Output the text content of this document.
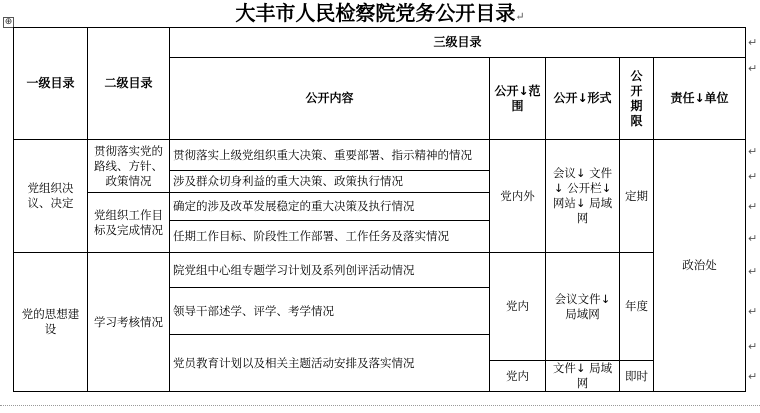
大丰市人民检察院党务公开目录↵
⊕
一级目录	二级目录	三级目录				
		公开内容	公开↓范围	公开↓形式	公开期限	责任↓单位
党组织决议、决定	贯彻落实党的路线、方针、政策情况	贯彻落实上级党组织重大决策、重要部署、指示精神的情况	党内外	会议↓ 文件↓ 公开栏↓ 网站↓ 局域网	定期	政治处
		涉及群众切身利益的重大决策、政策执行情况				
	党组织工作目标及完成情况	确定的涉及改革发展稳定的重大决策及执行情况				
		任期工作目标、阶段性工作部署、工作任务及落实情况				
党的思想建设	学习考核情况	院党组中心组专题学习计划及系列创评活动情况	党内	会议文件↓ 局域网	年度	
		领导干部述学、评学、考学情况				
		党员教育计划以及相关主题活动安排及落实情况				
			党内	文件↓ 局域网	即时	
↵
↵
↵
↵
↵
↵
↵
↵
↵
↵
